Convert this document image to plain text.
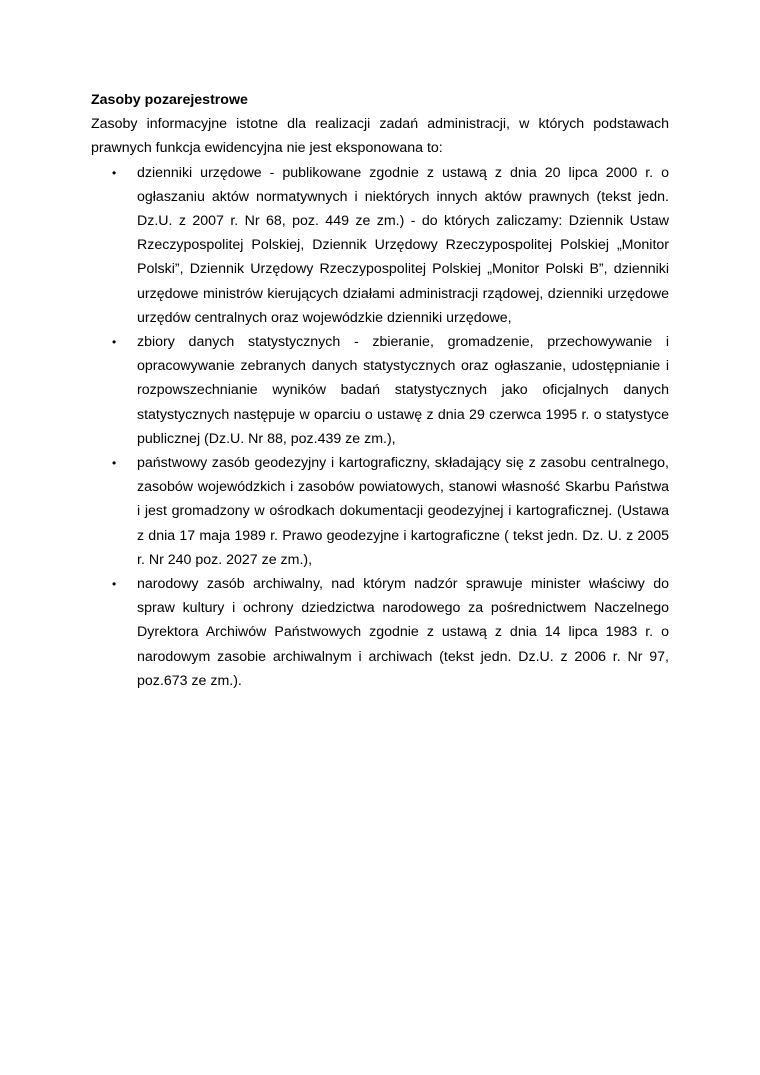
Zasoby pozarejestrowe

Zasoby informacyjne istotne dla realizacji zadań administracji, w których podstawach prawnych funkcja ewidencyjna nie jest eksponowana to:

• dzienniki urzędowe - publikowane zgodnie z ustawą z dnia 20 lipca 2000 r. o ogłaszaniu aktów normatywnych i niektórych innych aktów prawnych (tekst jedn. Dz.U. z 2007 r. Nr 68, poz. 449 ze zm.) - do których zaliczamy: Dziennik Ustaw Rzeczypospolitej Polskiej, Dziennik Urzędowy Rzeczypospolitej Polskiej „Monitor Polski”, Dziennik Urzędowy Rzeczypospolitej Polskiej „Monitor Polski B”, dzienniki urzędowe ministrów kierujących działami administracji rządowej, dzienniki urzędowe urzędów centralnych oraz wojewódzkie dzienniki urzędowe,
• zbiory danych statystycznych - zbieranie, gromadzenie, przechowywanie i opracowywanie zebranych danych statystycznych oraz ogłaszanie, udostępnianie i rozpowszechnianie wyników badań statystycznych jako oficjalnych danych statystycznych następuje w oparciu o ustawę z dnia 29 czerwca 1995 r. o statystyce publicznej (Dz.U. Nr 88, poz.439 ze zm.),
• państwowy zasób geodezyjny i kartograficzny, składający się z zasobu centralnego, zasobów wojewódzkich i zasobów powiatowych, stanowi własność Skarbu Państwa i jest gromadzony w ośrodkach dokumentacji geodezyjnej i kartograficznej. (Ustawa z dnia 17 maja 1989 r. Prawo geodezyjne i kartograficzne ( tekst jedn. Dz. U. z 2005 r. Nr 240 poz. 2027 ze zm.),
• narodowy zasób archiwalny, nad którym nadzór sprawuje minister właściwy do spraw kultury i ochrony dziedzictwa narodowego za pośrednictwem Naczelnego Dyrektora Archiwów Państwowych zgodnie z ustawą z dnia 14 lipca 1983 r. o narodowym zasobie archiwalnym i archiwach (tekst jedn. Dz.U. z 2006 r. Nr 97, poz.673 ze zm.).
